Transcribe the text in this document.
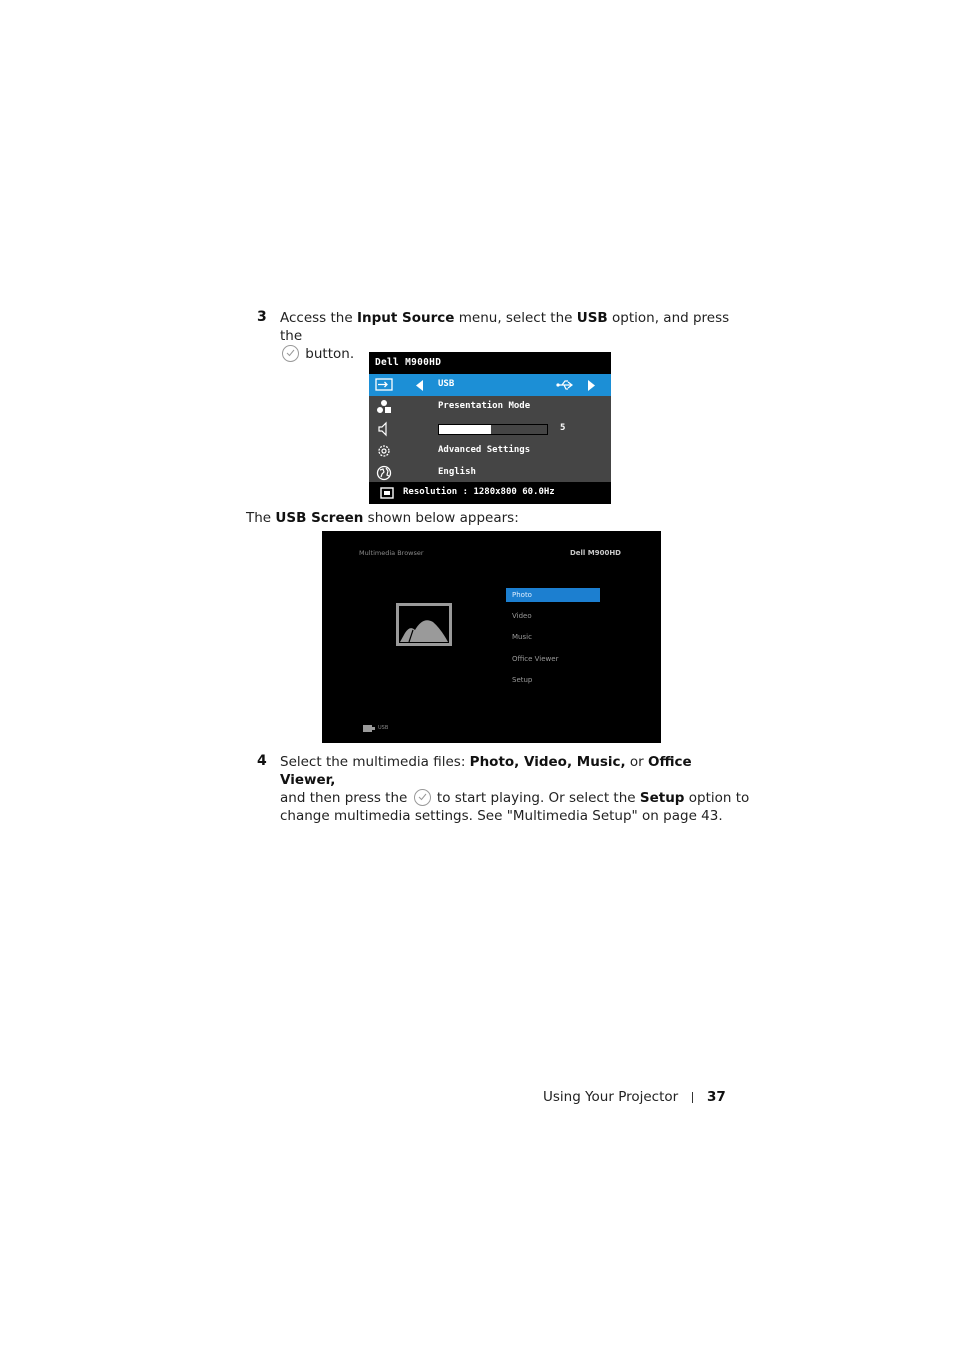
3 Access the Input Source menu, select the USB option, and press the

button.
Dell M900HD
USB
Presentation Mode
5
Advanced Settings
English
Resolution : 1280x800 60.0Hz
The USB Screen shown below appears:
Multimedia Browser	Dell M900HD
Photo
Video
Music
Office Viewer
Setup
USB
4 Select the multimedia files: Photo, Video, Music, or Office Viewer,
and then press the
to start playing. Or select the Setup option to
change multimedia settings. See "Multimedia Setup" on page 43.
Using Your Projector 37
